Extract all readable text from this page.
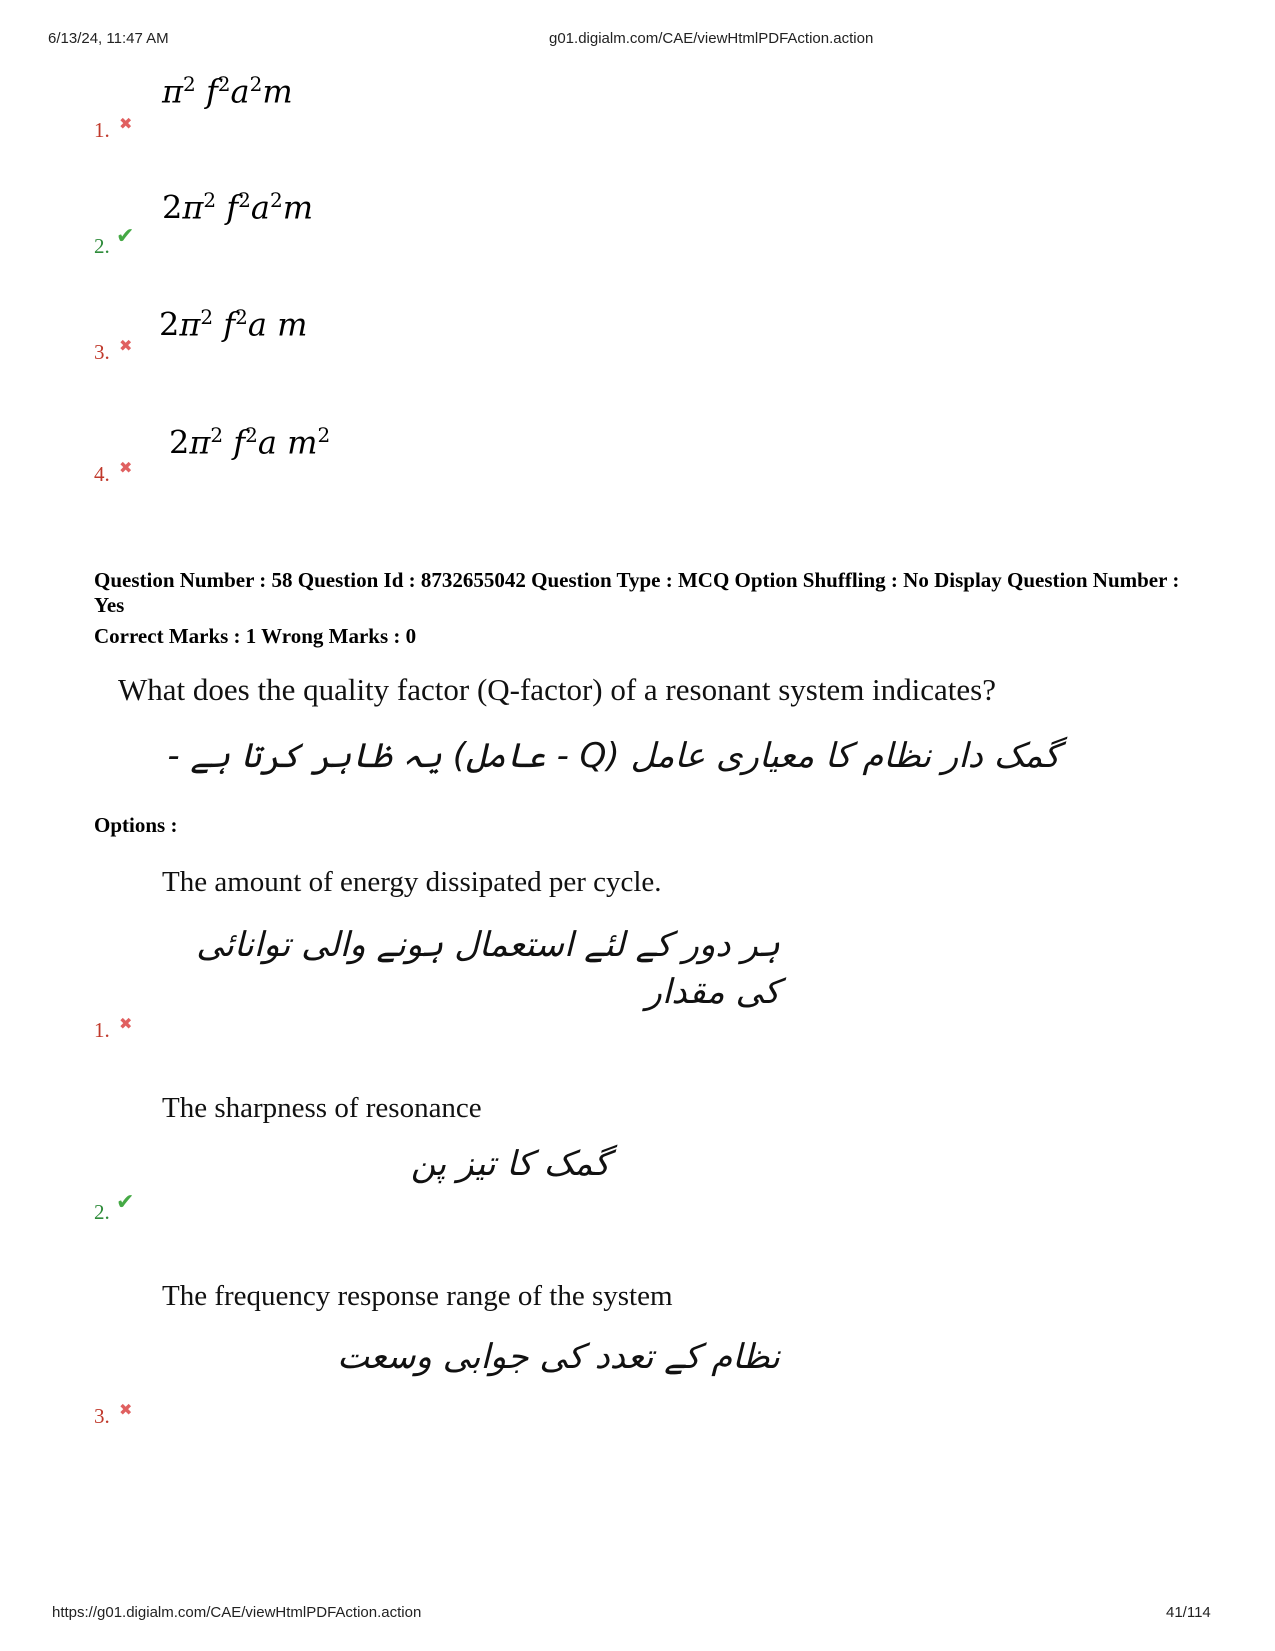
6/13/24, 11:47 AM	g01.digialm.com/CAE/viewHtmlPDFAction.action
$\pi^2$ $f^2a^2m$
1. ✖
$2\pi^2$ $f^2a^2m$
2. ✔
$2\pi^2$ $f^2a$ m
3. ✖
$2\pi^2$ $f^2a$ $m^2$
4. ✖
Question Number : 58 Question Id : 8732655042 Question Type : MCQ Option Shuffling : No Display Question Number : Yes
Correct Marks : 1 Wrong Marks : 0
What does the quality factor (Q-factor) of a resonant system indicates?
گمک دار نظام کا معیاری عامل (Q - عامل) یہ ظاہر کرتا ہے -
Options :
The amount of energy dissipated per cycle.
ہر دور کے لئے استعمال ہونے والی توانائی
کی مقدار
1. ✖
The sharpness of resonance
گمک کا تیز پن
2. ✔
The frequency response range of the system
نظام کے تعدد کی جوابی وسعت
3. ✖
https://g01.digialm.com/CAE/viewHtmlPDFAction.action	41/114
